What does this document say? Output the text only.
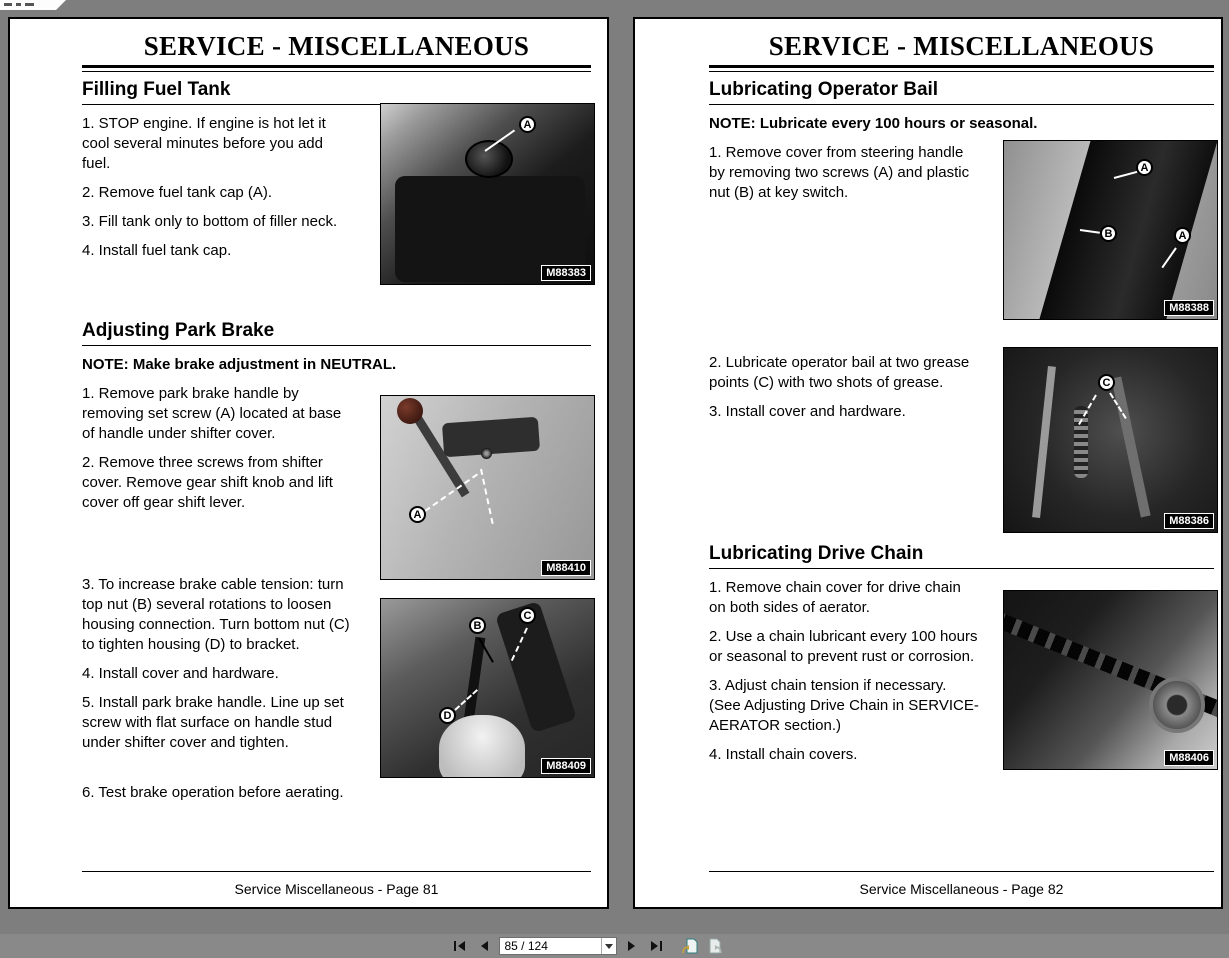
SERVICE - MISCELLANEOUS
Filling Fuel Tank

1. STOP engine. If engine is hot let it cool several minutes before you add fuel.

2. Remove fuel tank cap (A).

3. Fill tank only to bottom of filler neck.

4. Install fuel tank cap.

Adjusting Park Brake

NOTE: Make brake adjustment in NEUTRAL.

1. Remove park brake handle by removing set screw (A) located at base of handle under shifter cover.

2. Remove three screws from shifter cover. Remove gear shift knob and lift cover off gear shift lever.

3. To increase brake cable tension: turn top nut (B) several rotations to loosen housing connection. Turn bottom nut (C) to tighten housing (D) to bracket.

4. Install cover and hardware.

5. Install park brake handle. Line up set screw with flat surface on handle stud under shifter cover and tighten.

6. Test brake operation before aerating.

Service Miscellaneous - Page 81
A
M88383
A
M88410
B
C
D
M88409
SERVICE - MISCELLANEOUS
Lubricating Operator Bail

NOTE: Lubricate every 100 hours or seasonal.

1. Remove cover from steering handle by removing two screws (A) and plastic nut (B) at key switch.

2. Lubricate operator bail at two grease points (C) with two shots of grease.

3. Install cover and hardware.

Lubricating Drive Chain

1. Remove chain cover for drive chain on both sides of aerator.

2. Use a chain lubricant every 100 hours or seasonal to prevent rust or corrosion.

3. Adjust chain tension if necessary. (See Adjusting Drive Chain in SERVICE-AERATOR section.)

4. Install chain covers.

Service Miscellaneous - Page 82
A
B	A
M88388
C
M88386
M88406
85 / 124
